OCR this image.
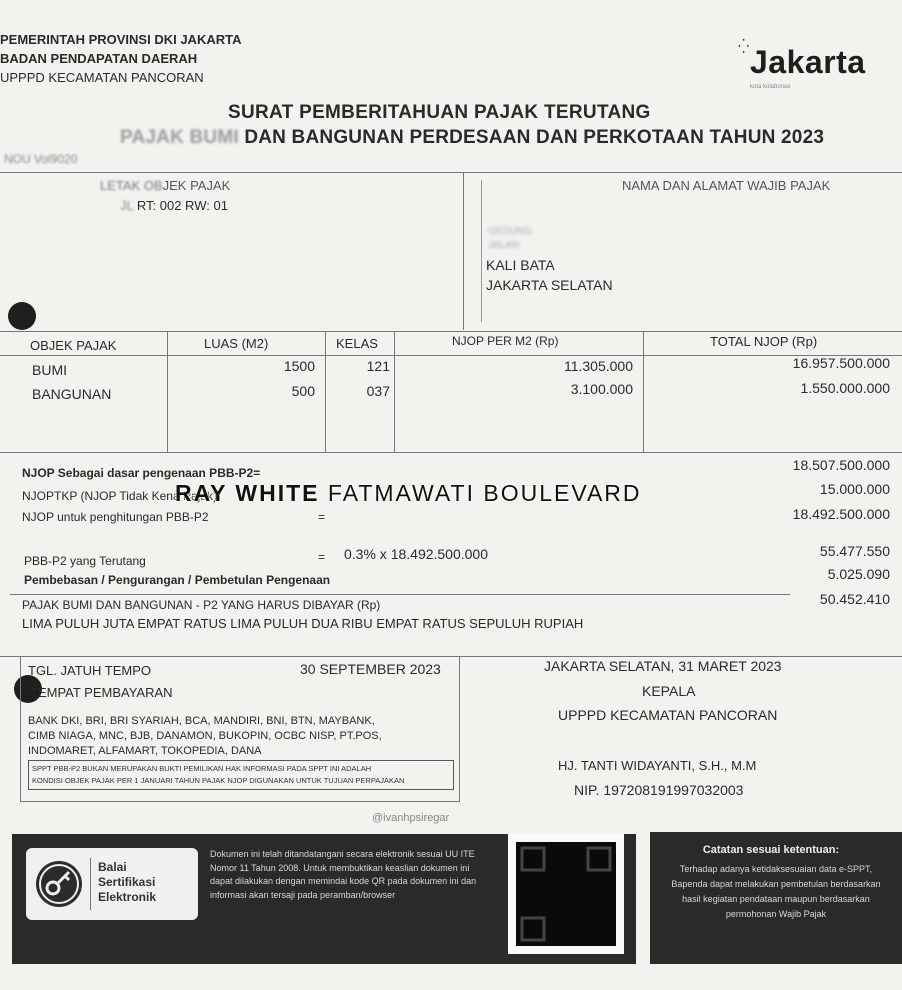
PEMERINTAH PROVINSI DKI JAKARTA
BADAN PENDAPATAN DAERAH
UPPPD KECAMATAN PANCORAN
⁛ Jakarta
kota kolaborasi
SURAT PEMBERITAHUAN PAJAK TERUTANG
PAJAK BUMI DAN BANGUNAN PERDESAAN DAN PERKOTAAN TAHUN 2023
NOU Vol9020
LETAK OBJEK PAJAK
JL RT: 002 RW: 01
NAMA DAN ALAMAT WAJIB PAJAK
GEDUNG
JALAN
KALI BATA
JAKARTA SELATAN
OBJEK PAJAK	LUAS (M2)	KELAS	NJOP PER M2 (Rp)	TOTAL NJOP (Rp)
BUMI	1500	121	11.305.000	16.957.500.000
BANGUNAN	500	037	3.100.000	1.550.000.000
NJOP Sebagai dasar pengenaan PBB-P2=	18.507.500.000
NJOPTKP (NJOP Tidak Kena Pajak)	15.000.000
NJOP untuk penghitungan PBB-P2	=	18.492.500.000
PBB-P2 yang Terutang	= 0.3% x 18.492.500.000	55.477.550
Pembebasan / Pengurangan / Pembetulan Pengenaan	5.025.090
PAJAK BUMI DAN BANGUNAN - P2 YANG HARUS DIBAYAR (Rp)	50.452.410
LIMA PULUH JUTA EMPAT RATUS LIMA PULUH DUA RIBU EMPAT RATUS SEPULUH RUPIAH
RAY WHITE FATMAWATI BOULEVARD
TGL. JATUH TEMPO	30 SEPTEMBER 2023
TEMPAT PEMBAYARAN
BANK DKI, BRI, BRI SYARIAH, BCA, MANDIRI, BNI, BTN, MAYBANK,
CIMB NIAGA, MNC, BJB, DANAMON, BUKOPIN, OCBC NISP, PT.POS,
INDOMARET, ALFAMART, TOKOPEDIA, DANA
SPPT PBB-P2 BUKAN MERUPAKAN BUKTI PEMILIKAN HAK INFORMASI PADA SPPT INI ADALAH
KONDISI OBJEK PAJAK PER 1 JANUARI TAHUN PAJAK NJOP DIGUNAKAN UNTUK TUJUAN PERPAJAKAN
JAKARTA SELATAN, 31 MARET 2023
KEPALA
UPPPD KECAMATAN PANCORAN
HJ. TANTI WIDAYANTI, S.H., M.M
NIP. 197208191997032003
@ivanhpsiregar
Balai
Sertifikasi
Elektronik
Dokumen ini telah ditandatangani secara elektronik sesuai UU ITE Nomor 11 Tahun 2008. Untuk membuktikan keaslian dokumen ini dapat dilakukan dengan memindai kode QR pada dokumen ini dan informasi akan tersaji pada peramban/browser
Catatan sesuai ketentuan:
Terhadap adanya ketidaksesuaian data e-SPPT, Bapenda dapat melakukan pembetulan berdasarkan hasil kegiatan pendataan maupun berdasarkan permohonan Wajib Pajak
